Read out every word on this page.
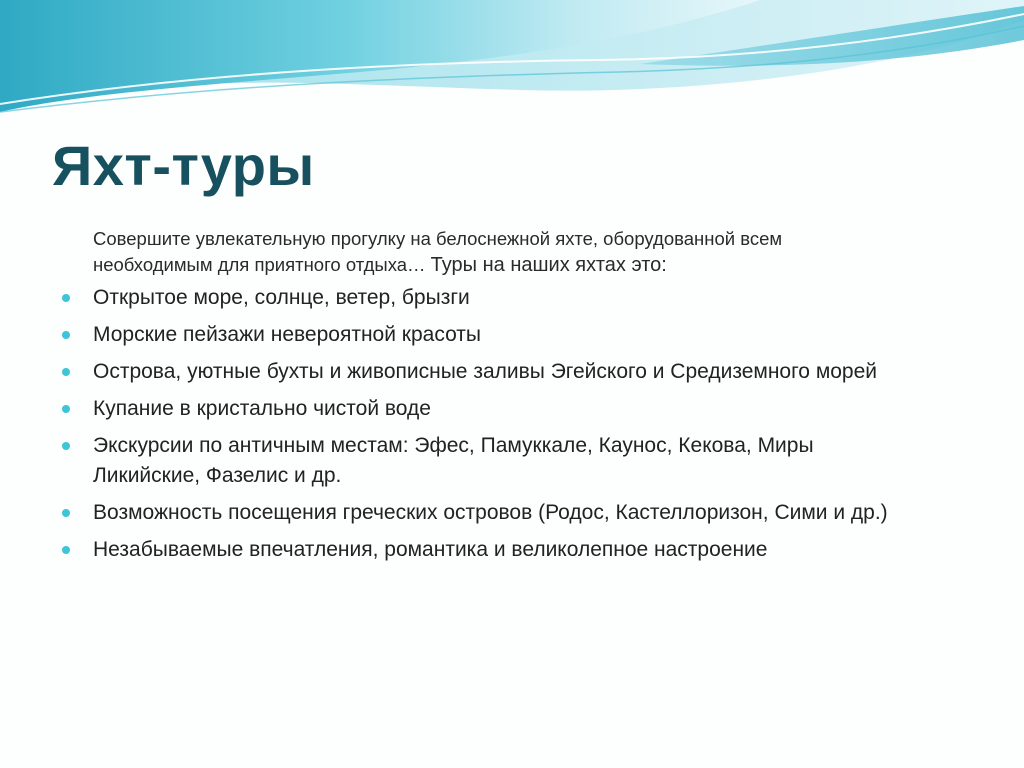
Яхт-туры

Совершите увлекательную прогулку на белоснежной яхте, оборудованной всем
необходимым для приятного отдыха… Туры на наших яхтах это:

Открытое море, солнце, ветер, брызги
Морские пейзажи невероятной красоты
Острова, уютные бухты и живописные заливы Эгейского и Средиземного морей
Купание в кристально чистой воде
Экскурсии по античным местам: Эфес, Памуккале, Каунос, Кекова, Миры Ликийские, Фазелис и др.
Возможность посещения греческих островов (Родос, Кастеллоризон, Сими и др.)
Незабываемые впечатления, романтика и великолепное настроение
